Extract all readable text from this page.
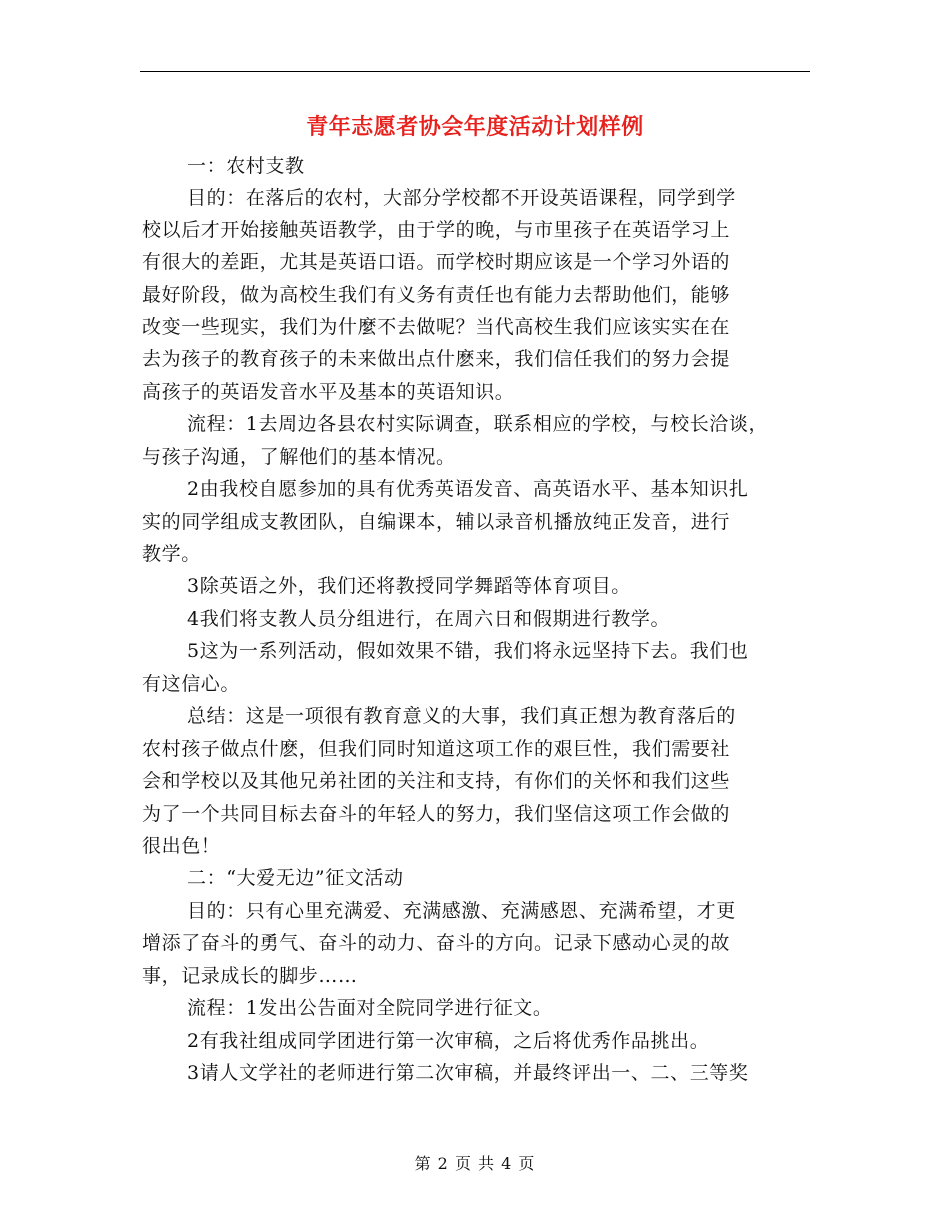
青年志愿者协会年度活动计划样例
一：农村支教
目的：在落后的农村，大部分学校都不开设英语课程，同学到学
校以后才开始接触英语教学，由于学的晚，与市里孩子在英语学习上
有很大的差距，尤其是英语口语。而学校时期应该是一个学习外语的
最好阶段，做为高校生我们有义务有责任也有能力去帮助他们，能够
改变一些现实，我们为什麼不去做呢？当代高校生我们应该实实在在
去为孩子的教育孩子的未来做出点什麽来，我们信任我们的努力会提
高孩子的英语发音水平及基本的英语知识。
流程：1去周边各县农村实际调查，联系相应的学校，与校长洽谈，
与孩子沟通，了解他们的基本情况。
2由我校自愿参加的具有优秀英语发音、高英语水平、基本知识扎
实的同学组成支教团队，自编课本，辅以录音机播放纯正发音，进行
教学。
3除英语之外，我们还将教授同学舞蹈等体育项目。
4我们将支教人员分组进行，在周六日和假期进行教学。
5这为一系列活动，假如效果不错，我们将永远坚持下去。我们也
有这信心。
总结：这是一项很有教育意义的大事，我们真正想为教育落后的
农村孩子做点什麽，但我们同时知道这项工作的艰巨性，我们需要社
会和学校以及其他兄弟社团的关注和支持，有你们的关怀和我们这些
为了一个共同目标去奋斗的年轻人的努力，我们坚信这项工作会做的
很出色！
二：“大爱无边”征文活动
目的：只有心里充满爱、充满感激、充满感恩、充满希望，才更
增添了奋斗的勇气、奋斗的动力、奋斗的方向。记录下感动心灵的故
事，记录成长的脚步……
流程：1发出公告面对全院同学进行征文。
2有我社组成同学团进行第一次审稿，之后将优秀作品挑出。
3请人文学社的老师进行第二次审稿，并最终评出一、二、三等奖
第 2 页 共 4 页
